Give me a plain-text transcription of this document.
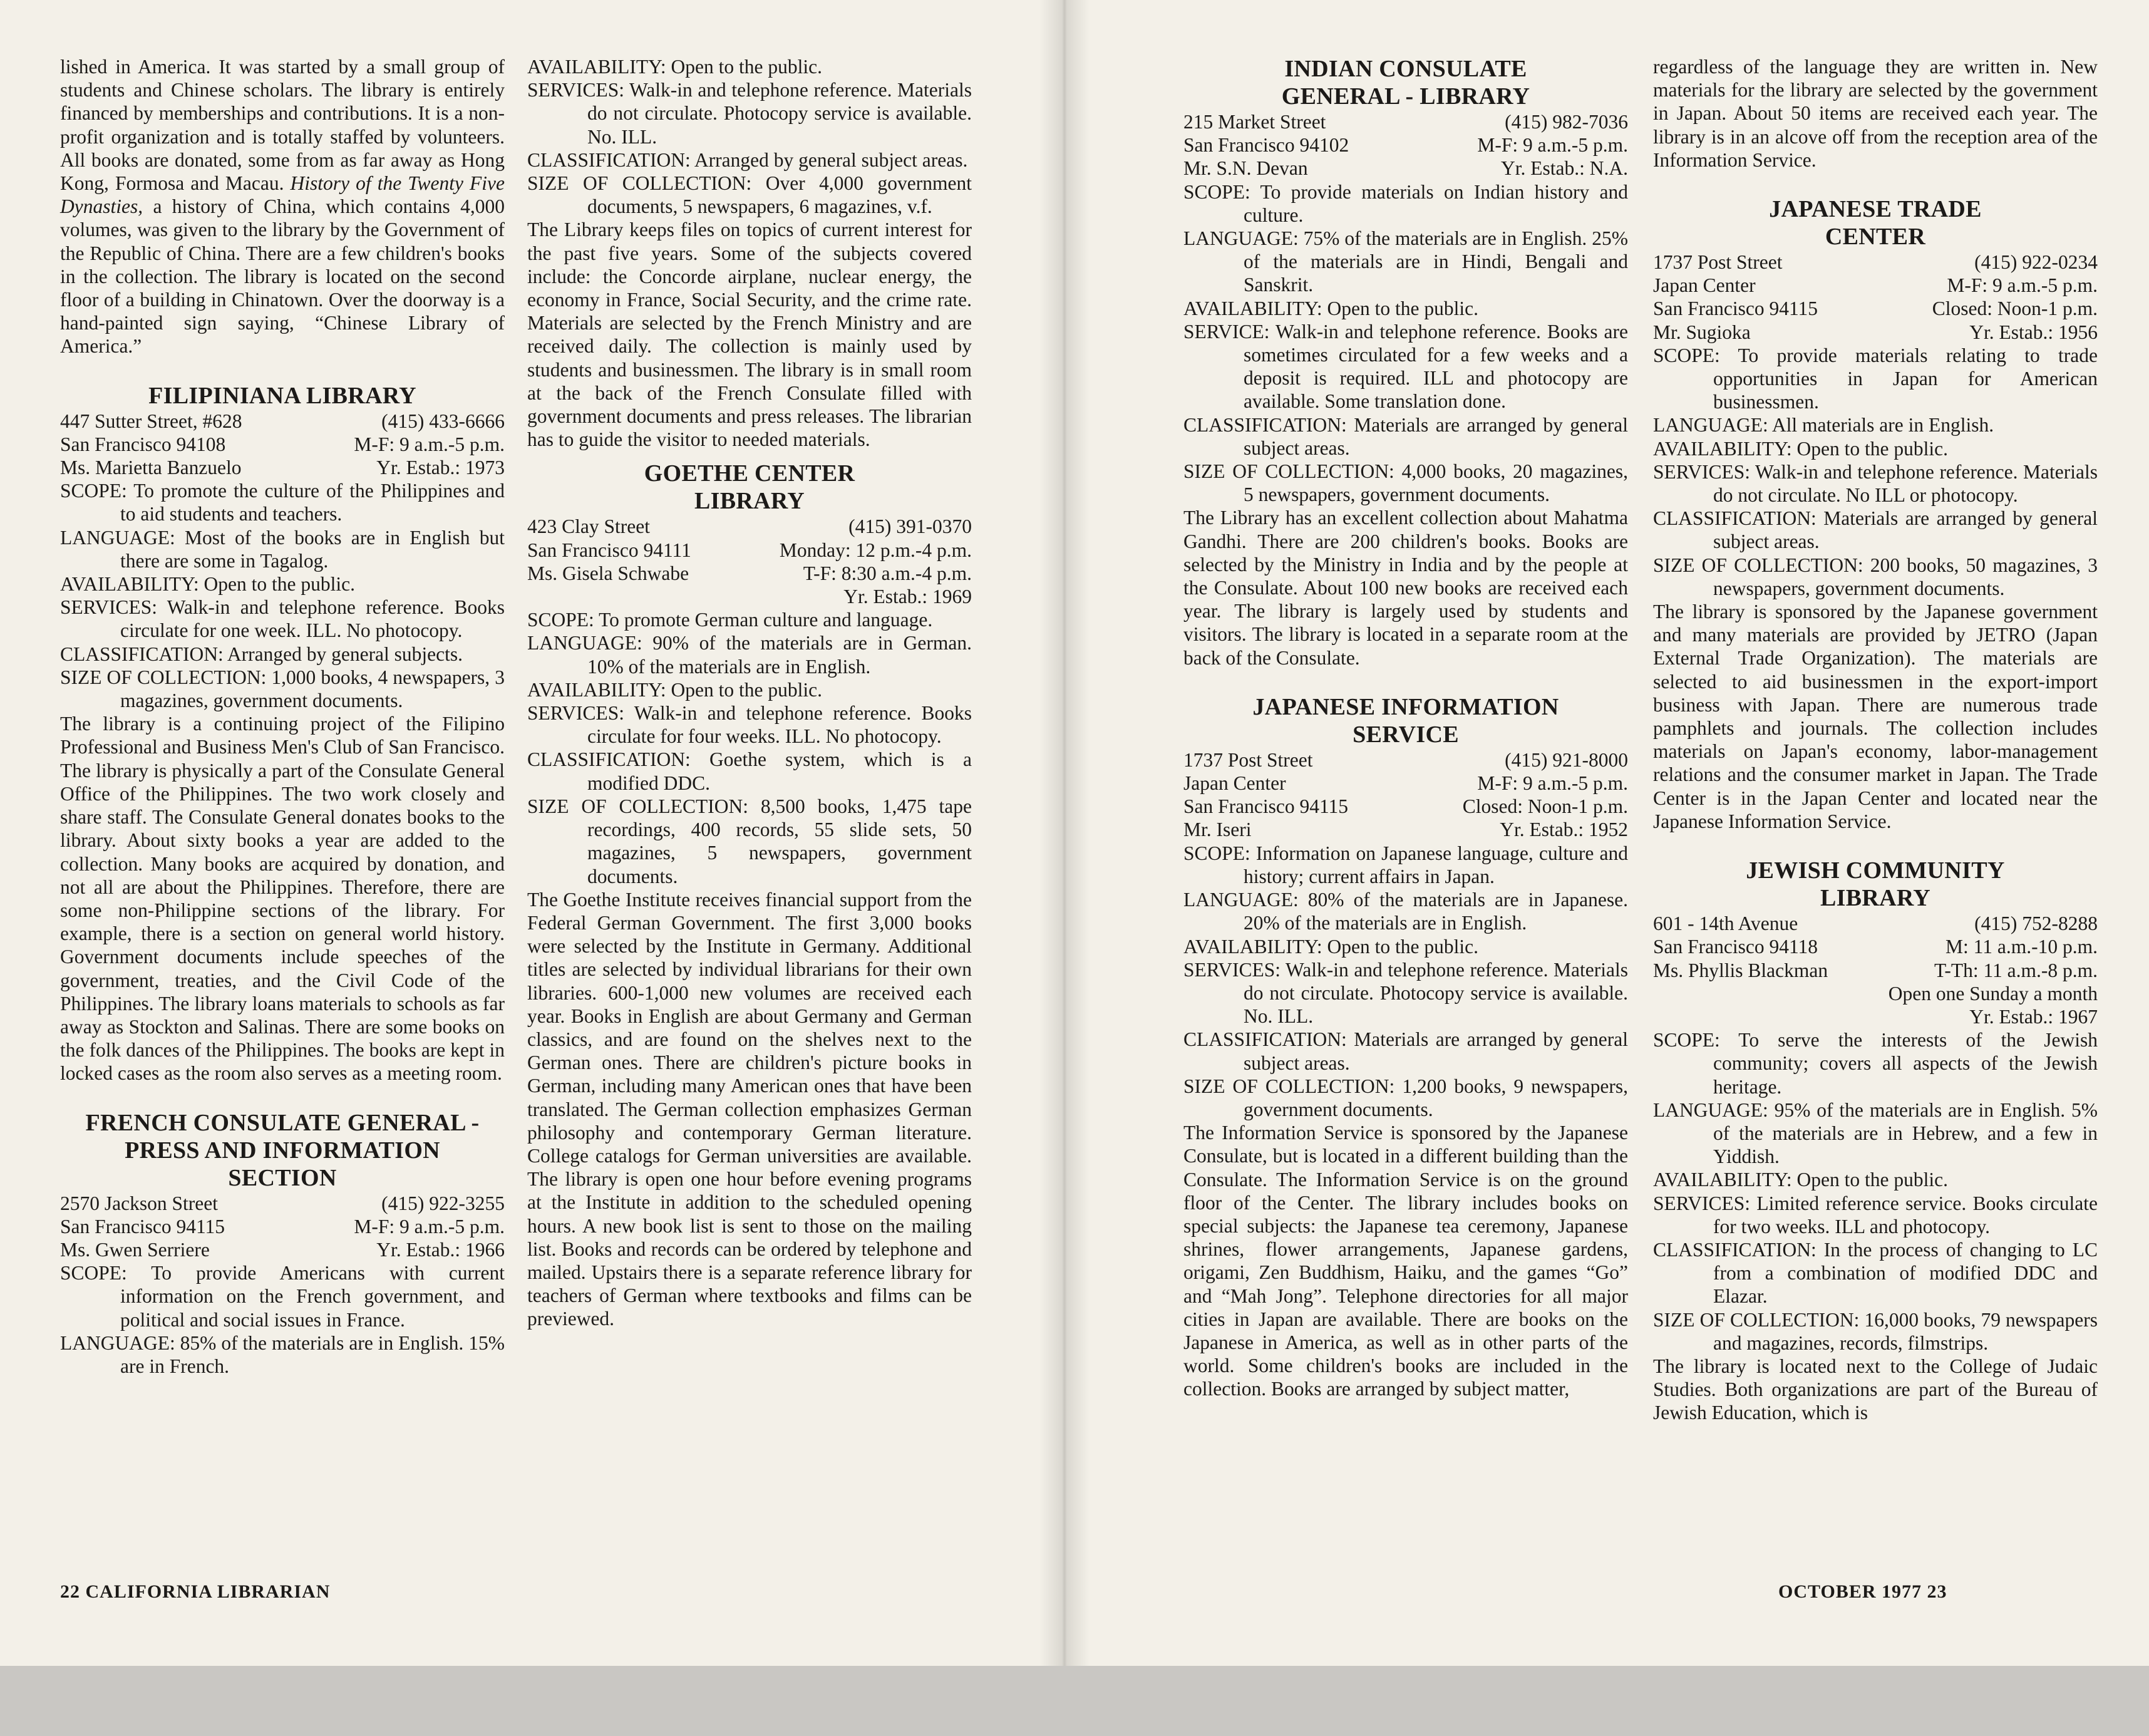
lished in America. It was started by a small group of students and Chinese scholars. The library is entirely financed by memberships and contributions. It is a non-profit organization and is totally staffed by volunteers. All books are donated, some from as far away as Hong Kong, Formosa and Macau. History of the Twenty Five Dynasties, a history of China, which contains 4,000 volumes, was given to the library by the Government of the Republic of China. There are a few children's books in the collection. The library is located on the second floor of a building in Chinatown. Over the doorway is a hand-painted sign saying, “Chinese Library of America.”

FILIPINIANA LIBRARY

447 Sutter Street, #628	(415) 433-6666
San Francisco 94108	M-F: 9 a.m.-5 p.m.
Ms. Marietta Banzuelo	Yr. Estab.: 1973

SCOPE: To promote the culture of the Philippines and to aid students and teachers.

LANGUAGE: Most of the books are in English but there are some in Tagalog.

AVAILABILITY: Open to the public.

SERVICES: Walk-in and telephone reference. Books circulate for one week. ILL. No photocopy.

CLASSIFICATION: Arranged by general subjects.

SIZE OF COLLECTION: 1,000 books, 4 newspapers, 3 magazines, government documents.

The library is a continuing project of the Filipino Professional and Business Men's Club of San Francisco. The library is physically a part of the Consulate General Office of the Philippines. The two work closely and share staff. The Consulate General donates books to the library. About sixty books a year are added to the collection. Many books are acquired by donation, and not all are about the Philippines. Therefore, there are some non-Philippine sections of the library. For example, there is a section on general world history. Government documents include speeches of the government, treaties, and the Civil Code of the Philippines. The library loans materials to schools as far away as Stockton and Salinas. There are some books on the folk dances of the Philippines. The books are kept in locked cases as the room also serves as a meeting room.

FRENCH CONSULATE GENERAL -

PRESS AND INFORMATION

SECTION

2570 Jackson Street	(415) 922-3255
San Francisco 94115	M-F: 9 a.m.-5 p.m.
Ms. Gwen Serriere	Yr. Estab.: 1966

SCOPE: To provide Americans with current information on the French government, and political and social issues in France.

LANGUAGE: 85% of the materials are in English. 15% are in French.

AVAILABILITY: Open to the public.

SERVICES: Walk-in and telephone reference. Materials do not circulate. Photocopy service is available. No. ILL.

CLASSIFICATION: Arranged by general subject areas.

SIZE OF COLLECTION: Over 4,000 government documents, 5 newspapers, 6 magazines, v.f.

The Library keeps files on topics of current interest for the past five years. Some of the subjects covered include: the Concorde airplane, nuclear energy, the economy in France, Social Security, and the crime rate. Materials are selected by the French Ministry and are received daily. The collection is mainly used by students and businessmen. The library is in small room at the back of the French Consulate filled with government documents and press releases. The librarian has to guide the visitor to needed materials.

GOETHE CENTER

LIBRARY

423 Clay Street	(415) 391-0370
San Francisco 94111	Monday: 12 p.m.-4 p.m.
Ms. Gisela Schwabe	T-F: 8:30 a.m.-4 p.m.
Yr. Estab.: 1969

SCOPE: To promote German culture and language.

LANGUAGE: 90% of the materials are in German. 10% of the materials are in English.

AVAILABILITY: Open to the public.

SERVICES: Walk-in and telephone reference. Books circulate for four weeks. ILL. No photocopy.

CLASSIFICATION: Goethe system, which is a modified DDC.

SIZE OF COLLECTION: 8,500 books, 1,475 tape recordings, 400 records, 55 slide sets, 50 magazines, 5 newspapers, government documents.

The Goethe Institute receives financial support from the Federal German Government. The first 3,000 books were selected by the Institute in Germany. Additional titles are selected by individual librarians for their own libraries. 600-1,000 new volumes are received each year. Books in English are about Germany and German classics, and are found on the shelves next to the German ones. There are children's picture books in German, including many American ones that have been translated. The German collection emphasizes German philosophy and contemporary German literature. College catalogs for German universities are available. The library is open one hour before evening programs at the Institute in addition to the scheduled opening hours. A new book list is sent to those on the mailing list. Books and records can be ordered by telephone and mailed. Upstairs there is a separate reference library for teachers of German where textbooks and films can be previewed.

22 CALIFORNIA LIBRARIAN

INDIAN CONSULATE

GENERAL - LIBRARY

215 Market Street	(415) 982-7036
San Francisco 94102	M-F: 9 a.m.-5 p.m.
Mr. S.N. Devan	Yr. Estab.: N.A.

SCOPE: To provide materials on Indian history and culture.

LANGUAGE: 75% of the materials are in English. 25% of the materials are in Hindi, Bengali and Sanskrit.

AVAILABILITY: Open to the public.

SERVICE: Walk-in and telephone reference. Books are sometimes circulated for a few weeks and a deposit is required. ILL and photocopy are available. Some translation done.

CLASSIFICATION: Materials are arranged by general subject areas.

SIZE OF COLLECTION: 4,000 books, 20 magazines, 5 newspapers, government documents.

The Library has an excellent collection about Mahatma Gandhi. There are 200 children's books. Books are selected by the Ministry in India and by the people at the Consulate. About 100 new books are received each year. The library is largely used by students and visitors. The library is located in a separate room at the back of the Consulate.

JAPANESE INFORMATION

SERVICE

1737 Post Street	(415) 921-8000
Japan Center	M-F: 9 a.m.-5 p.m.
San Francisco 94115	Closed: Noon-1 p.m.
Mr. Iseri	Yr. Estab.: 1952

SCOPE: Information on Japanese language, culture and history; current affairs in Japan.

LANGUAGE: 80% of the materials are in Japanese. 20% of the materials are in English.

AVAILABILITY: Open to the public.

SERVICES: Walk-in and telephone reference. Materials do not circulate. Photocopy service is available. No. ILL.

CLASSIFICATION: Materials are arranged by general subject areas.

SIZE OF COLLECTION: 1,200 books, 9 newspapers, government documents.

The Information Service is sponsored by the Japanese Consulate, but is located in a different building than the Consulate. The Information Service is on the ground floor of the Center. The library includes books on special subjects: the Japanese tea ceremony, Japanese shrines, flower arrangements, Japanese gardens, origami, Zen Buddhism, Haiku, and the games “Go” and “Mah Jong”. Telephone directories for all major cities in Japan are available. There are books on the Japanese in America, as well as in other parts of the world. Some children's books are included in the collection. Books are arranged by subject matter,

regardless of the language they are written in. New materials for the library are selected by the government in Japan. About 50 items are received each year. The library is in an alcove off from the reception area of the Information Service.

JAPANESE TRADE

CENTER

1737 Post Street	(415) 922-0234
Japan Center	M-F: 9 a.m.-5 p.m.
San Francisco 94115	Closed: Noon-1 p.m.
Mr. Sugioka	Yr. Estab.: 1956

SCOPE: To provide materials relating to trade opportunities in Japan for American businessmen.

LANGUAGE: All materials are in English.

AVAILABILITY: Open to the public.

SERVICES: Walk-in and telephone reference. Materials do not circulate. No ILL or photocopy.

CLASSIFICATION: Materials are arranged by general subject areas.

SIZE OF COLLECTION: 200 books, 50 magazines, 3 newspapers, government documents.

The library is sponsored by the Japanese government and many materials are provided by JETRO (Japan External Trade Organization). The materials are selected to aid businessmen in the export-import business with Japan. There are numerous trade pamphlets and journals. The collection includes materials on Japan's economy, labor-management relations and the consumer market in Japan. The Trade Center is in the Japan Center and located near the Japanese Information Service.

JEWISH COMMUNITY

LIBRARY

601 - 14th Avenue	(415) 752-8288
San Francisco 94118	M: 11 a.m.-10 p.m.
Ms. Phyllis Blackman	T-Th: 11 a.m.-8 p.m.
Open one Sunday a month
Yr. Estab.: 1967

SCOPE: To serve the interests of the Jewish community; covers all aspects of the Jewish heritage.

LANGUAGE: 95% of the materials are in English. 5% of the materials are in Hebrew, and a few in Yiddish.

AVAILABILITY: Open to the public.

SERVICES: Limited reference service. Books circulate for two weeks. ILL and photocopy.

CLASSIFICATION: In the process of changing to LC from a combination of modified DDC and Elazar.

SIZE OF COLLECTION: 16,000 books, 79 newspapers and magazines, records, filmstrips.

The library is located next to the College of Judaic Studies. Both organizations are part of the Bureau of Jewish Education, which is

OCTOBER 1977 23
